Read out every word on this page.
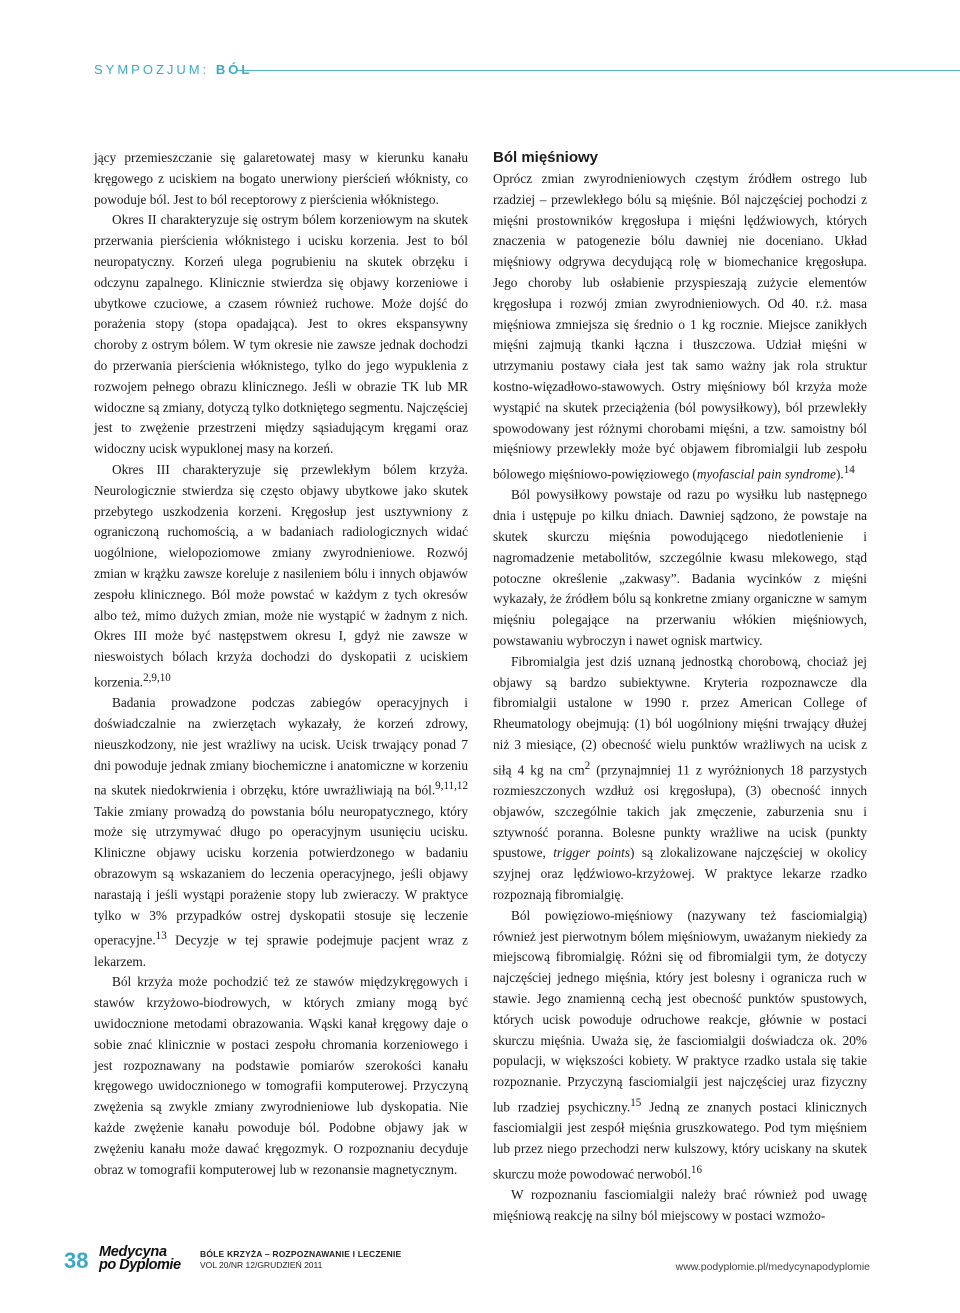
SYMPOZJUM: BÓL

jący przemieszczanie się galaretowatej masy w kierunku kanału kręgowego z uciskiem na bogato unerwiony pierścień włóknisty, co powoduje ból. Jest to ból receptorowy z pierścienia włóknistego.

Okres II charakteryzuje się ostrym bólem korzeniowym na skutek przerwania pierścienia włóknistego i ucisku korzenia. Jest to ból neuropatyczny. Korzeń ulega pogrubieniu na skutek obrzęku i odczynu zapalnego. Klinicznie stwierdza się objawy korzeniowe i ubytkowe czuciowe, a czasem również ruchowe. Może dojść do porażenia stopy (stopa opadająca). Jest to okres ekspansywny choroby z ostrym bólem. W tym okresie nie zawsze jednak dochodzi do przerwania pierścienia włóknistego, tylko do jego wypuklenia z rozwojem pełnego obrazu klinicznego. Jeśli w obrazie TK lub MR widoczne są zmiany, dotyczą tylko dotkniętego segmentu. Najczęściej jest to zwężenie przestrzeni między sąsiadującym kręgami oraz widoczny ucisk wypuklonej masy na korzeń.

Okres III charakteryzuje się przewlekłym bólem krzyża. Neurologicznie stwierdza się często objawy ubytkowe jako skutek przebytego uszkodzenia korzeni. Kręgosłup jest usztywniony z ograniczoną ruchomością, a w badaniach radiologicznych widać uogólnione, wielopoziomowe zmiany zwyrodnieniowe. Rozwój zmian w krążku zawsze koreluje z nasileniem bólu i innych objawów zespołu klinicznego. Ból może powstać w każdym z tych okresów albo też, mimo dużych zmian, może nie wystąpić w żadnym z nich. Okres III może być następstwem okresu I, gdyż nie zawsze w nieswoistych bólach krzyża dochodzi do dyskopatii z uciskiem korzenia.$^{2,9,10}$

Badania prowadzone podczas zabiegów operacyjnych i doświadczalnie na zwierzętach wykazały, że korzeń zdrowy, nieuszkodzony, nie jest wrażliwy na ucisk. Ucisk trwający ponad 7 dni powoduje jednak zmiany biochemiczne i anatomiczne w korzeniu na skutek niedokrwienia i obrzęku, które uwrażliwiają na ból.$^{9,11,12}$ Takie zmiany prowadzą do powstania bólu neuropatycznego, który może się utrzymywać długo po operacyjnym usunięciu ucisku. Kliniczne objawy ucisku korzenia potwierdzonego w badaniu obrazowym są wskazaniem do leczenia operacyjnego, jeśli objawy narastają i jeśli wystąpi porażenie stopy lub zwieraczy. W praktyce tylko w 3% przypadków ostrej dyskopatii stosuje się leczenie operacyjne.$^{13}$ Decyzje w tej sprawie podejmuje pacjent wraz z lekarzem.

Ból krzyża może pochodzić też ze stawów międzykręgowych i stawów krzyżowo-biodrowych, w których zmiany mogą być uwidocznione metodami obrazowania. Wąski kanał kręgowy daje o sobie znać klinicznie w postaci zespołu chromania korzeniowego i jest rozpoznawany na podstawie pomiarów szerokości kanału kręgowego uwidocznionego w tomografii komputerowej. Przyczyną zwężenia są zwykle zmiany zwyrodnieniowe lub dyskopatia. Nie każde zwężenie kanału powoduje ból. Podobne objawy jak w zwężeniu kanału może dawać kręgozmyk. O rozpoznaniu decyduje obraz w tomografii komputerowej lub w rezonansie magnetycznym.

Ból mięśniowy

Oprócz zmian zwyrodnieniowych częstym źródłem ostrego lub rzadziej – przewlekłego bólu są mięśnie. Ból najczęściej pochodzi z mięśni prostowników kręgosłupa i mięśni lędźwiowych, których znaczenia w patogenezie bólu dawniej nie doceniano. Układ mięśniowy odgrywa decydującą rolę w biomechanice kręgosłupa. Jego choroby lub osłabienie przyspieszają zużycie elementów kręgosłupa i rozwój zmian zwyrodnieniowych. Od 40. r.ż. masa mięśniowa zmniejsza się średnio o 1 kg rocznie. Miejsce zanikłych mięśni zajmują tkanki łączna i tłuszczowa. Udział mięśni w utrzymaniu postawy ciała jest tak samo ważny jak rola struktur kostno-więzadłowo-stawowych. Ostry mięśniowy ból krzyża może wystąpić na skutek przeciążenia (ból powysiłkowy), ból przewlekły spowodowany jest różnymi chorobami mięśni, a tzw. samoistny ból mięśniowy przewlekły może być objawem fibromialgii lub zespołu bólowego mięśniowo-powięziowego (myofascial pain syndrome).$^{14}$

Ból powysiłkowy powstaje od razu po wysiłku lub następnego dnia i ustępuje po kilku dniach. Dawniej sądzono, że powstaje na skutek skurczu mięśnia powodującego niedotlenienie i nagromadzenie metabolitów, szczególnie kwasu mlekowego, stąd potoczne określenie „zakwasy”. Badania wycinków z mięśni wykazały, że źródłem bólu są konkretne zmiany organiczne w samym mięśniu polegające na przerwaniu włókien mięśniowych, powstawaniu wybroczyn i nawet ognisk martwicy.

Fibromialgia jest dziś uznaną jednostką chorobową, chociaż jej objawy są bardzo subiektywne. Kryteria rozpoznawcze dla fibromialgii ustalone w 1990 r. przez American College of Rheumatology obejmują: (1) ból uogólniony mięśni trwający dłużej niż 3 miesiące, (2) obecność wielu punktów wrażliwych na ucisk z siłą 4 kg na $cm^2$ (przynajmniej 11 z wyróżnionych 18 parzystych rozmieszczonych wzdłuż osi kręgosłupa), (3) obecność innych objawów, szczególnie takich jak zmęczenie, zaburzenia snu i sztywność poranna. Bolesne punkty wrażliwe na ucisk (punkty spustowe, trigger points) są zlokalizowane najczęściej w okolicy szyjnej oraz lędźwiowo-krzyżowej. W praktyce lekarze rzadko rozpoznają fibromialgię.

Ból powięziowo-mięśniowy (nazywany też fasciomialgią) również jest pierwotnym bólem mięśniowym, uważanym niekiedy za miejscową fibromialgię. Różni się od fibromialgii tym, że dotyczy najczęściej jednego mięśnia, który jest bolesny i ogranicza ruch w stawie. Jego znamienną cechą jest obecność punktów spustowych, których ucisk powoduje odruchowe reakcje, głównie w postaci skurczu mięśnia. Uważa się, że fasciomialgii doświadcza ok. 20% populacji, w większości kobiety. W praktyce rzadko ustala się takie rozpoznanie. Przyczyną fasciomialgii jest najczęściej uraz fizyczny lub rzadziej psychiczny.$^{15}$ Jedną ze znanych postaci klinicznych fasciomialgii jest zespół mięśnia gruszkowatego. Pod tym mięśniem lub przez niego przechodzi nerw kulszowy, który uciskany na skutek skurczu może powodować nerwoból.$^{16}$

W rozpoznaniu fasciomialgii należy brać również pod uwagę mięśniową reakcję na silny ból miejscowy w postaci wzmożo-

38 Medycyna
po Dyplomie
BÓLE KRZYŻA – ROZPOZNAWANIE I LECZENIE
VOL 20/NR 12/GRUDZIEŃ 2011	www.podyplomie.pl/medycynapodyplomie
